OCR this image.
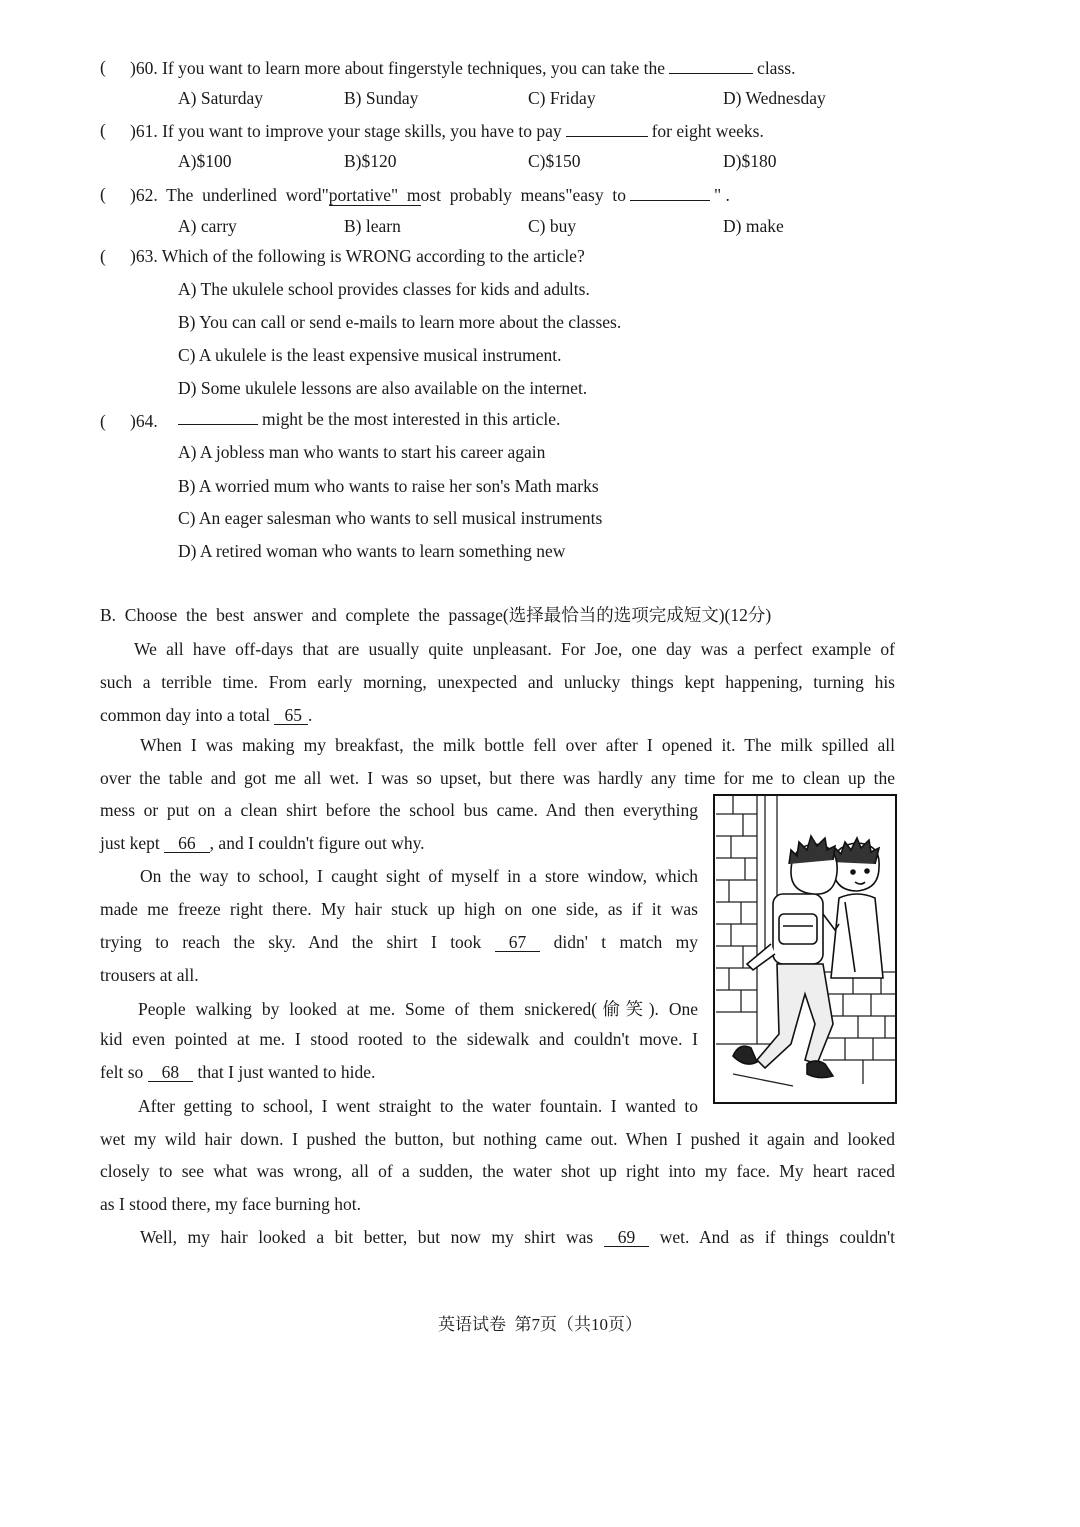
( )60. If you want to learn more about fingerstyle techniques, you can take the	class.
A) Saturday	B) Sunday	C) Friday	D) Wednesday
( )61. If you want to improve your stage skills, you have to pay	for eight weeks.
A)$100	B)$120	C)$150	D)$180
( )62.  The  underlined  word"portative"  most  probably  means"easy  to	" .
A) carry	B) learn	C) buy	D) make
( )63. Which of the following is WRONG according to the article?
A) The ukulele school provides classes for kids and adults.
B) You can call or send e-mails to learn more about the classes.
C) A ukulele is the least expensive musical instrument.
D) Some ukulele lessons are also available on the internet.
( )64.	might be the most interested in this article.
A) A jobless man who wants to start his career again
B) A worried mum who wants to raise her son's Math marks
C) An eager salesman who wants to sell musical instruments
D) A retired woman who wants to learn something new
B.  Choose  the  best  answer  and  complete  the  passage(选择最恰当的选项完成短文)(12分)
We all have off-days that are usually quite unpleasant. For Joe, one day was a perfect example of
such a terrible time. From early morning, unexpected and unlucky things kept happening, turning his
common day into a total 65 .
When I was making my breakfast, the milk bottle fell over after I opened it. The milk spilled all
over the table and got me all wet. I was so upset, but there was hardly any time for me to clean up the
mess or put on a clean shirt before the school bus came. And then everything
just kept 66 , and I couldn't figure out why.
On the way to school, I caught sight of myself in a store window, which
made me freeze right there. My hair stuck up high on one side, as if it was
trying to reach the sky. And the shirt I took 67 didn' t match my
trousers at all.
People walking by looked at me. Some of them snickered(偷笑). One
kid even pointed at me. I stood rooted to the sidewalk and couldn't move. I
felt so 68 that I just wanted to hide.
After getting to school, I went straight to the water fountain. I wanted to
wet my wild hair down. I pushed the button, but nothing came out. When I pushed it again and looked
closely to see what was wrong, all of a sudden, the water shot up right into my face. My heart raced
as I stood there, my face burning hot.
Well, my hair looked a bit better, but now my shirt was 69 wet. And as if things couldn't
英语试卷  第7页（共10页）
